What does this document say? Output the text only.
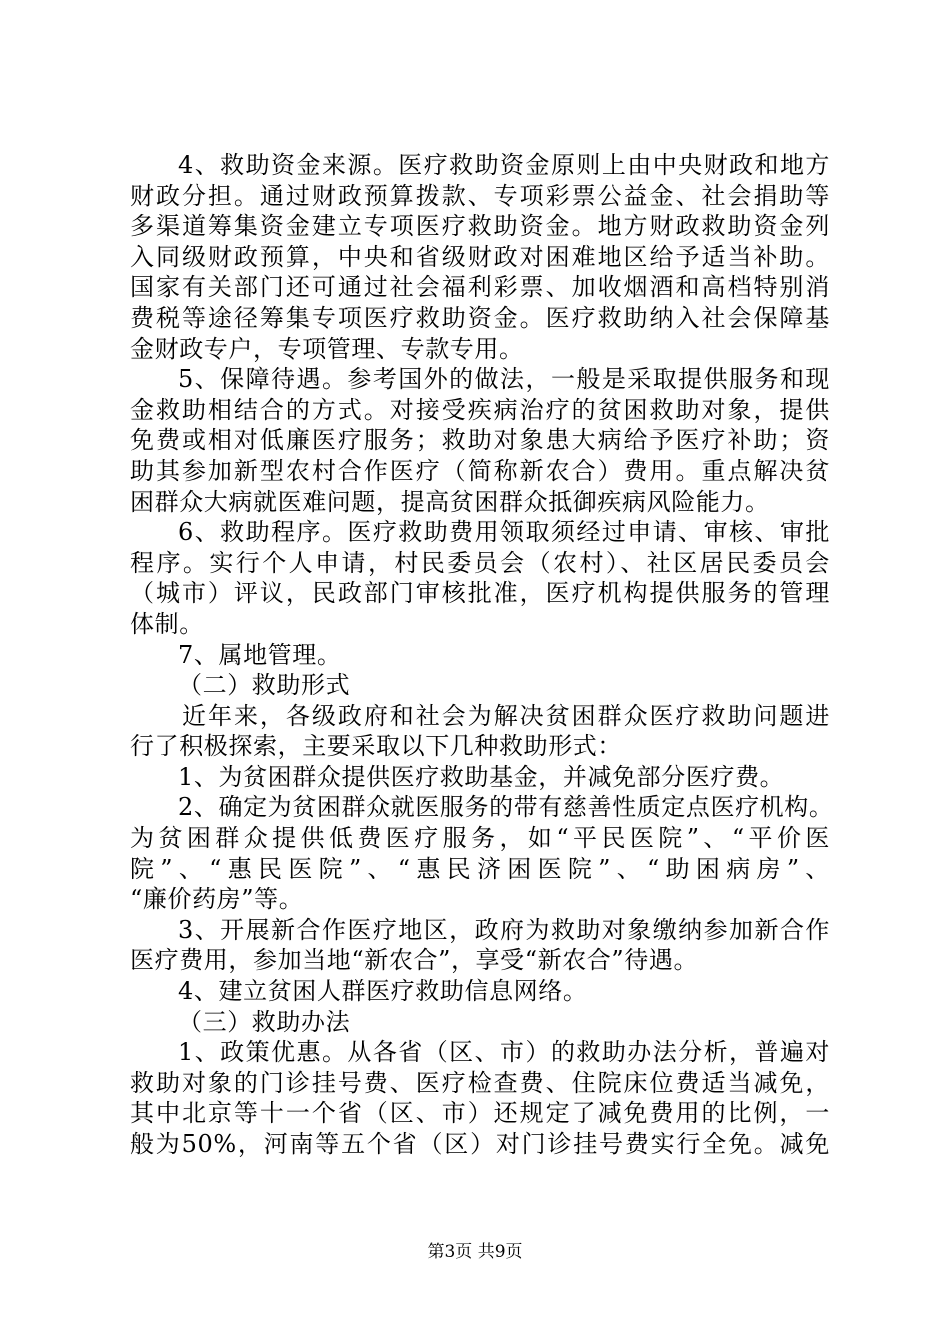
4、救助资金来源。医疗救助资金原则上由中央财政和地方
财政分担。通过财政预算拨款、专项彩票公益金、社会捐助等
多渠道筹集资金建立专项医疗救助资金。地方财政救助资金列
入同级财政预算，中央和省级财政对困难地区给予适当补助。
国家有关部门还可通过社会福利彩票、加收烟酒和高档特别消
费税等途径筹集专项医疗救助资金。医疗救助纳入社会保障基
金财政专户，专项管理、专款专用。
5、保障待遇。参考国外的做法，一般是采取提供服务和现
金救助相结合的方式。对接受疾病治疗的贫困救助对象，提供
免费或相对低廉医疗服务；救助对象患大病给予医疗补助；资
助其参加新型农村合作医疗（简称新农合）费用。重点解决贫
困群众大病就医难问题，提高贫困群众抵御疾病风险能力。
6、救助程序。医疗救助费用领取须经过申请、审核、审批
程序。实行个人申请，村民委员会（农村）、社区居民委员会
（城市）评议，民政部门审核批准，医疗机构提供服务的管理
体制。
7、属地管理。
（二）救助形式
近年来，各级政府和社会为解决贫困群众医疗救助问题进
行了积极探索，主要采取以下几种救助形式：
1、为贫困群众提供医疗救助基金，并减免部分医疗费。
2、确定为贫困群众就医服务的带有慈善性质定点医疗机构。
为贫困群众提供低费医疗服务，如“平民医院”、“平价医
院”、“惠民医院”、“惠民济困医院”、“助困病房”、
“廉价药房”等。
3、开展新合作医疗地区，政府为救助对象缴纳参加新合作
医疗费用，参加当地“新农合”，享受“新农合”待遇。
4、建立贫困人群医疗救助信息网络。
（三）救助办法
1、政策优惠。从各省（区、市）的救助办法分析，普遍对
救助对象的门诊挂号费、医疗检查费、住院床位费适当减免，
其中北京等十一个省（区、市）还规定了减免费用的比例，一
般为50%，河南等五个省（区）对门诊挂号费实行全免。减免
第3页 共9页
